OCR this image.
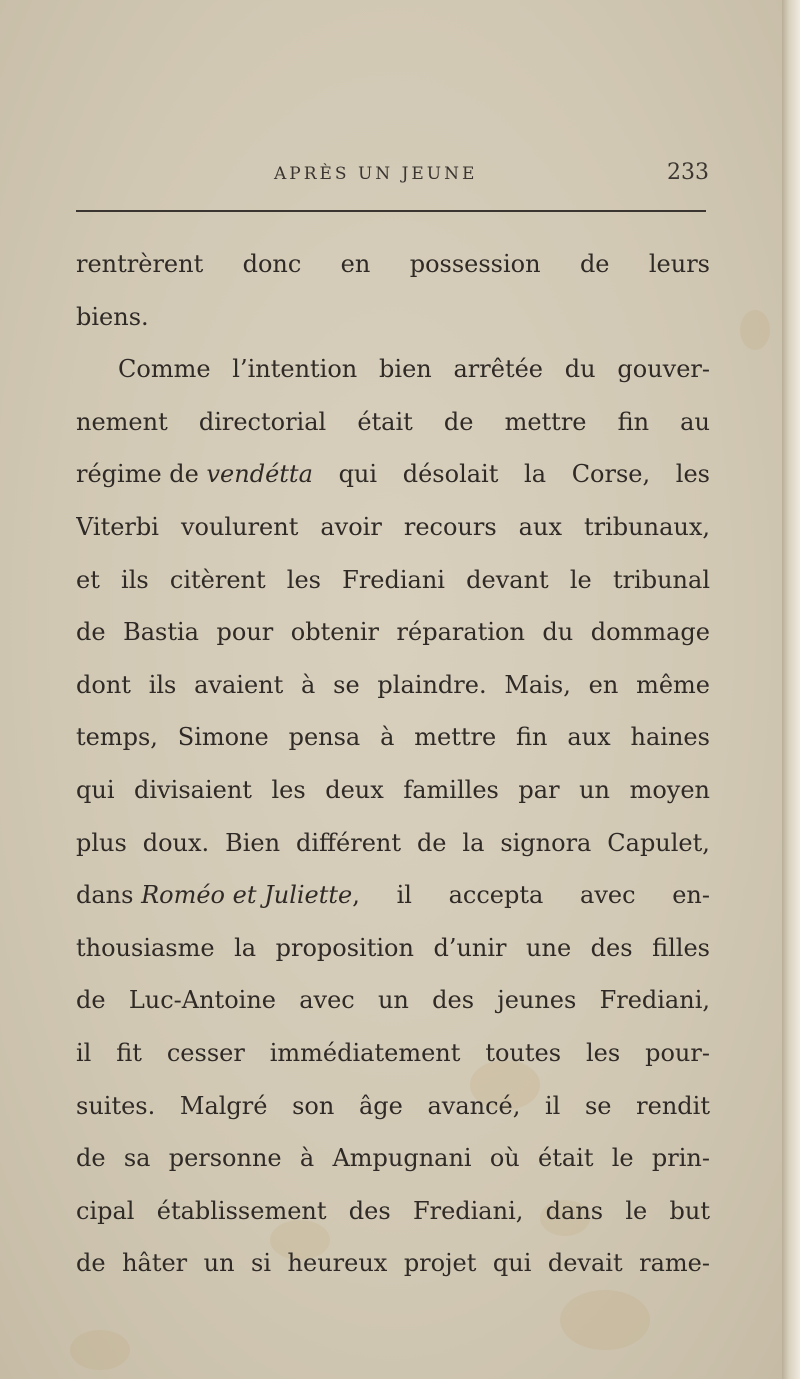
APRÈS UN JEUNE	233
rentrèrent donc en possession de leurs
biens.
Comme l’intention bien arrêtée du gouver-
nement directorial était de mettre fin au
régime de vendétta qui désolait la Corse, les
Viterbi voulurent avoir recours aux tribunaux,
et ils citèrent les Frediani devant le tribunal
de Bastia pour obtenir réparation du dommage
dont ils avaient à se plaindre. Mais, en même
temps, Simone pensa à mettre fin aux haines
qui divisaient les deux familles par un moyen
plus doux. Bien différent de la signora Capulet,
dans Roméo et Juliette , il accepta avec en-
thousiasme la proposition d’unir une des filles
de Luc-Antoine avec un des jeunes Frediani,
il fit cesser immédiatement toutes les pour-
suites. Malgré son âge avancé, il se rendit
de sa personne à Ampugnani où était le prin-
cipal établissement des Frediani, dans le but
de hâter un si heureux projet qui devait rame-
